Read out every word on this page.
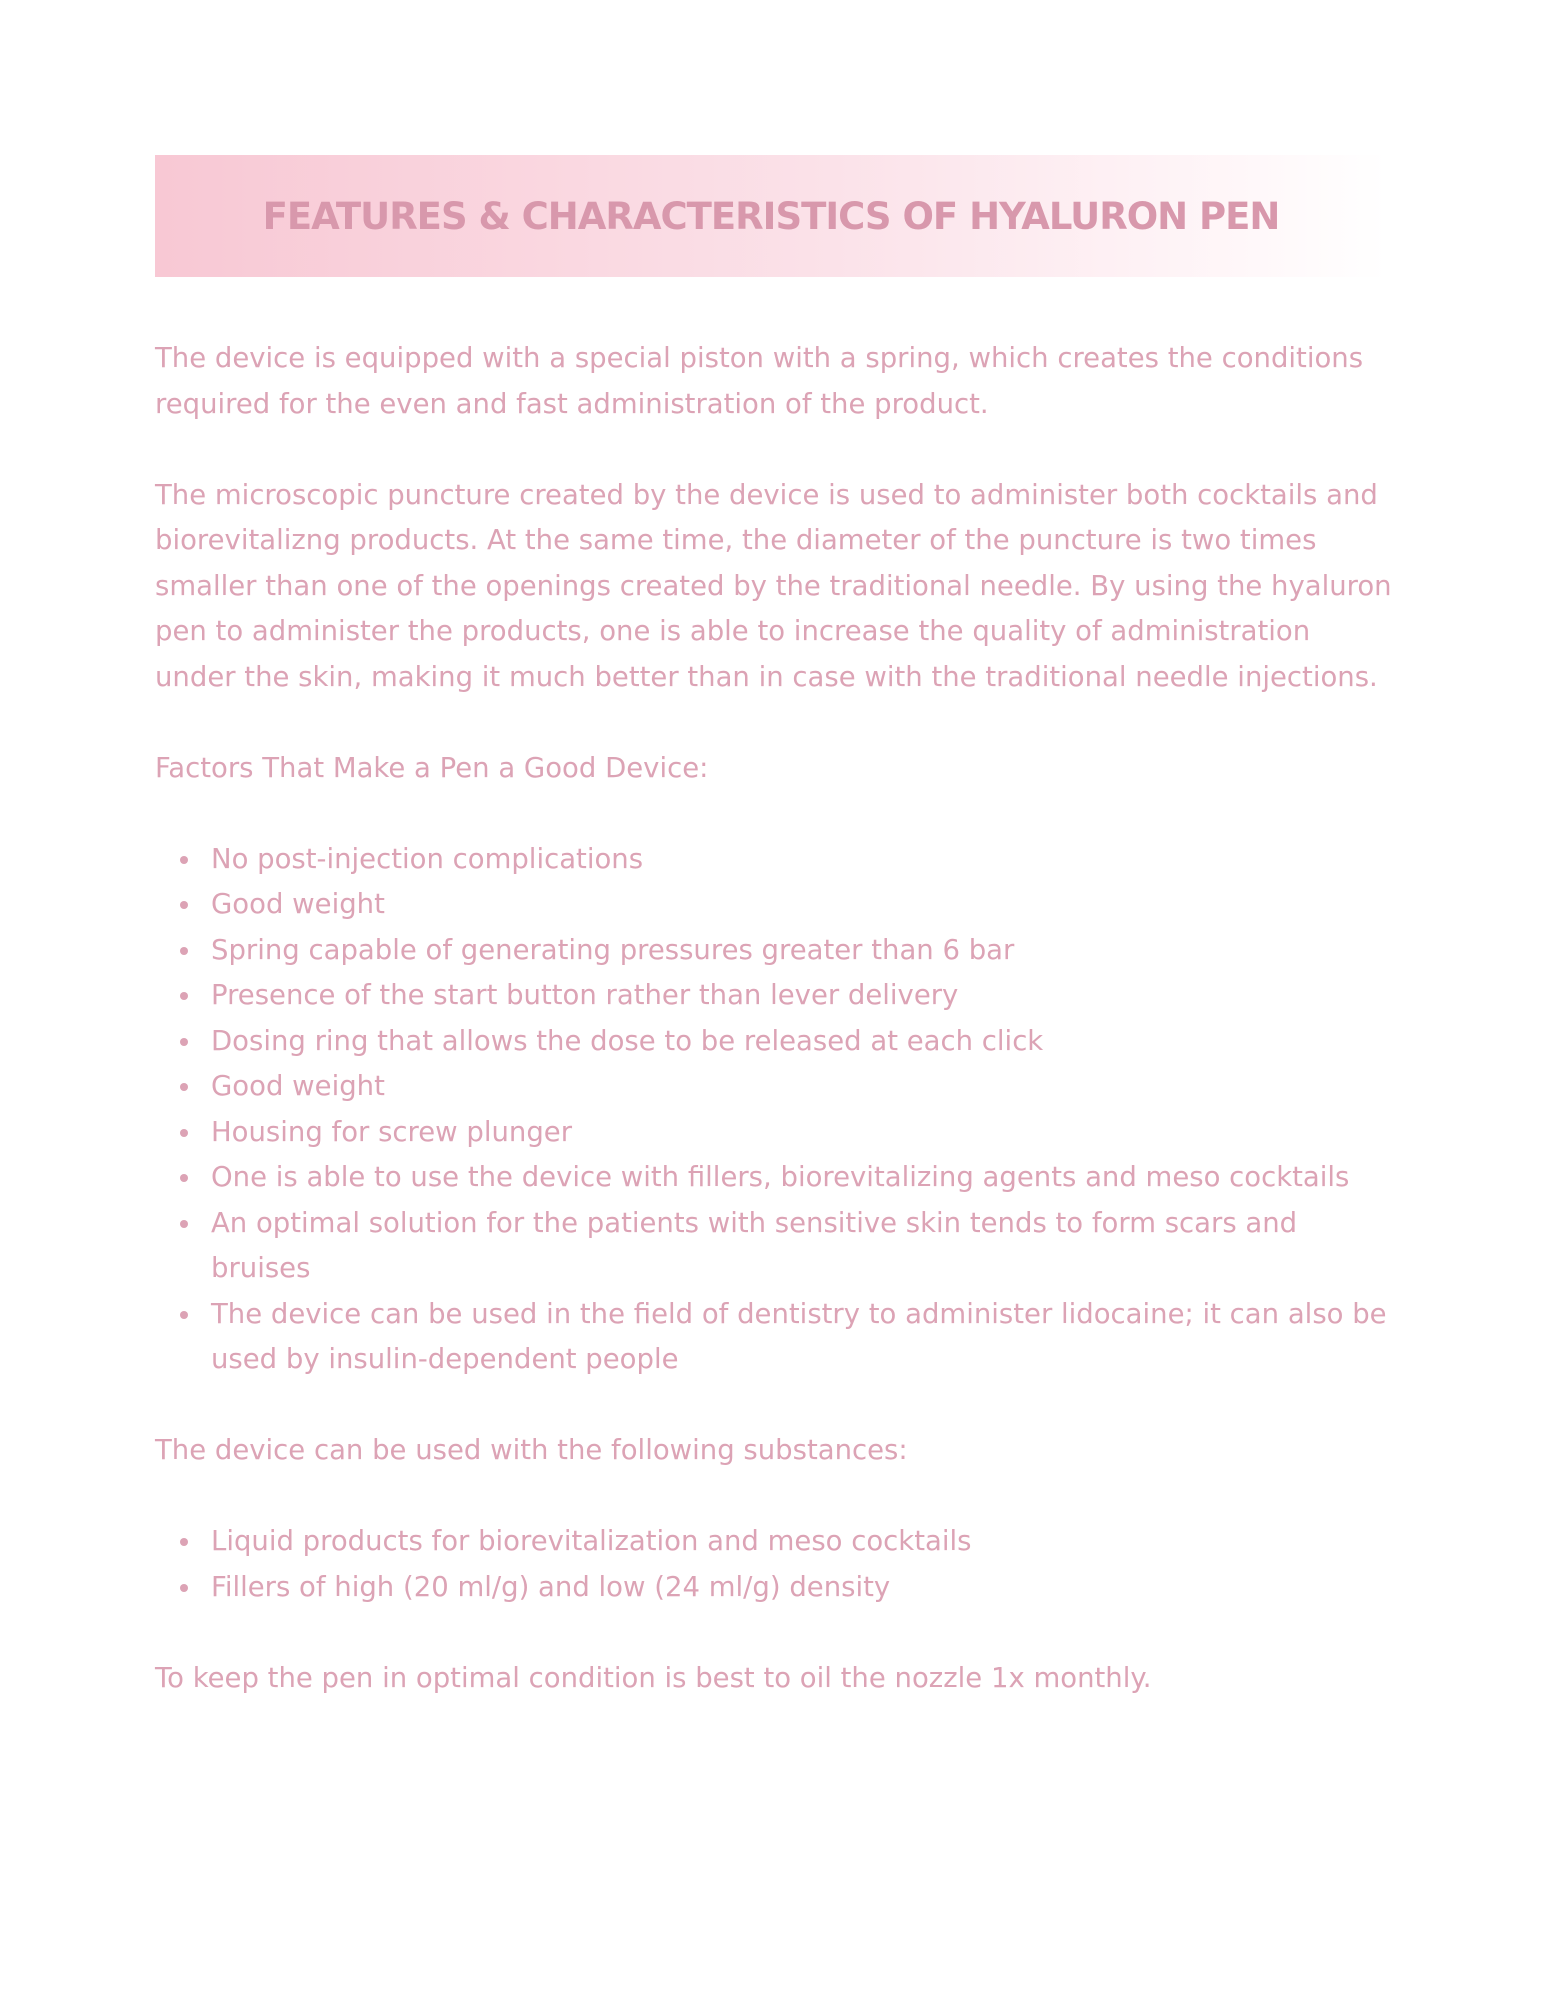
FEATURES & CHARACTERISTICS OF HYALURON PEN

The device is equipped with a special piston with a spring, which creates the conditions required for the even and fast administration of the product.

The microscopic puncture created by the device is used to administer both cocktails and biorevitalizng products. At the same time, the diameter of the puncture is two times smaller than one of the openings created by the traditional needle. By using the hyaluron pen to administer the products, one is able to increase the quality of administration under the skin, making it much better than in case with the traditional needle injections.

Factors That Make a Pen a Good Device:

No post-injection complications
Good weight
Spring capable of generating pressures greater than 6 bar
Presence of the start button rather than lever delivery
Dosing ring that allows the dose to be released at each click
Good weight
Housing for screw plunger
One is able to use the device with fillers, biorevitalizing agents and meso cocktails
An optimal solution for the patients with sensitive skin tends to form scars and bruises
The device can be used in the field of dentistry to administer lidocaine; it can also be used by insulin-dependent people

The device can be used with the following substances:

Liquid products for biorevitalization and meso cocktails
Fillers of high (20 ml/g) and low (24 ml/g) density

To keep the pen in optimal condition is best to oil the nozzle 1x monthly.
